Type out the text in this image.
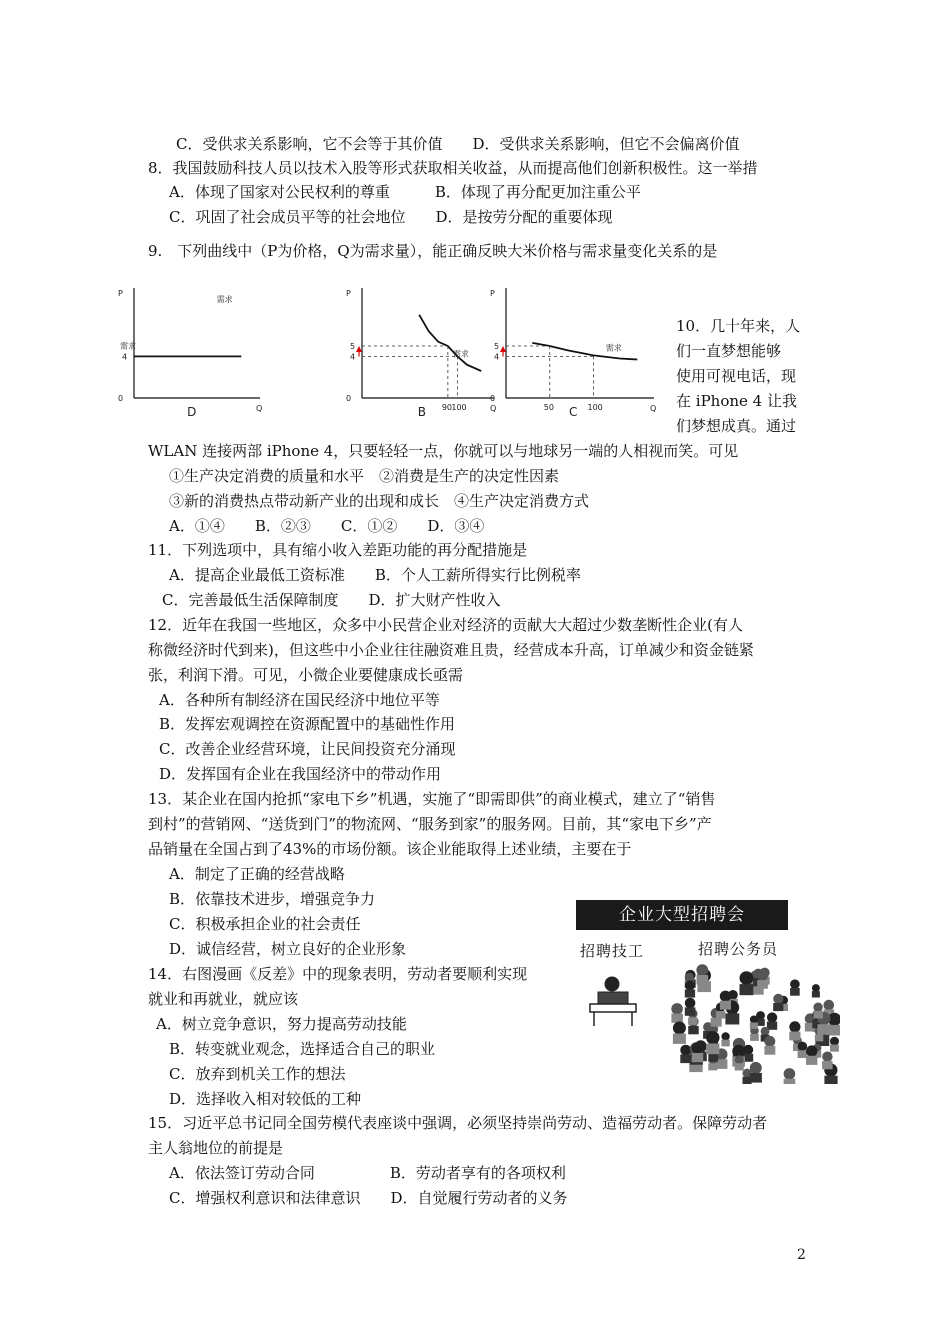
C．受供求关系影响，它不会等于其价值　　D．受供求关系影响，但它不会偏离价值
8．我国鼓励科技人员以技术入股等形式获取相关收益，从而提高他们创新积极性。这一举措
A．体现了国家对公民权利的尊重　　　B．体现了再分配更加注重公平
C．巩固了社会成员平等的社会地位　　D．是按劳分配的重要体现
9.　下列曲线中（P为价格，Q为需求量），能正确反映大米价格与需求量变化关系的是
P
Q
0
D
需求
需求
4
P
Q
0
B
需求
5
4
90 100
P
Q
0
C
需求
5
4
50	100
10．几十年来，人
们一直梦想能够
使用可视电话，现
在 iPhone 4 让我
们梦想成真。通过
WLAN 连接两部 iPhone 4，只要轻轻一点，你就可以与地球另一端的人相视而笑。可见
①生产决定消费的质量和水平　②消费是生产的决定性因素
③新的消费热点带动新产业的出现和成长　④生产决定消费方式
A．①④　　B．②③　　C．①②　　D．③④
11．下列选项中，具有缩小收入差距功能的再分配措施是
A．提高企业最低工资标准　　B．个人工薪所得实行比例税率
C．完善最低生活保障制度　　D．扩大财产性收入
12．近年在我国一些地区，众多中小民营企业对经济的贡献大大超过少数垄断性企业(有人
称微经济时代到来)，但这些中小企业往往融资难且贵，经营成本升高，订单减少和资金链紧
张，利润下滑。可见，小微企业要健康成长亟需
A．各种所有制经济在国民经济中地位平等
B．发挥宏观调控在资源配置中的基础性作用
C．改善企业经营环境，让民间投资充分涌现
D．发挥国有企业在我国经济中的带动作用
13．某企业在国内抢抓“家电下乡”机遇，实施了“即需即供”的商业模式，建立了“销售
到村”的营销网、“送货到门”的物流网、“服务到家”的服务网。目前，其“家电下乡”产
品销量在全国占到了43%的市场份额。该企业能取得上述业绩，主要在于
A．制定了正确的经营战略
B．依靠技术进步，增强竞争力
C．积极承担企业的社会责任
D．诚信经营，树立良好的企业形象
14．右图漫画《反差》中的现象表明，劳动者要顺利实现
就业和再就业，就应该
A．树立竞争意识，努力提高劳动技能
B．转变就业观念，选择适合自己的职业
C．放弃到机关工作的想法
D．选择收入相对较低的工种
15．习近平总书记同全国劳模代表座谈中强调，必须坚持崇尚劳动、造福劳动者。保障劳动者
主人翁地位的前提是
A．依法签订劳动合同　　　　　B．劳动者享有的各项权利
C．增强权利意识和法律意识　　D．自觉履行劳动者的义务
企业大型招聘会
招聘技工	招聘公务员
2
